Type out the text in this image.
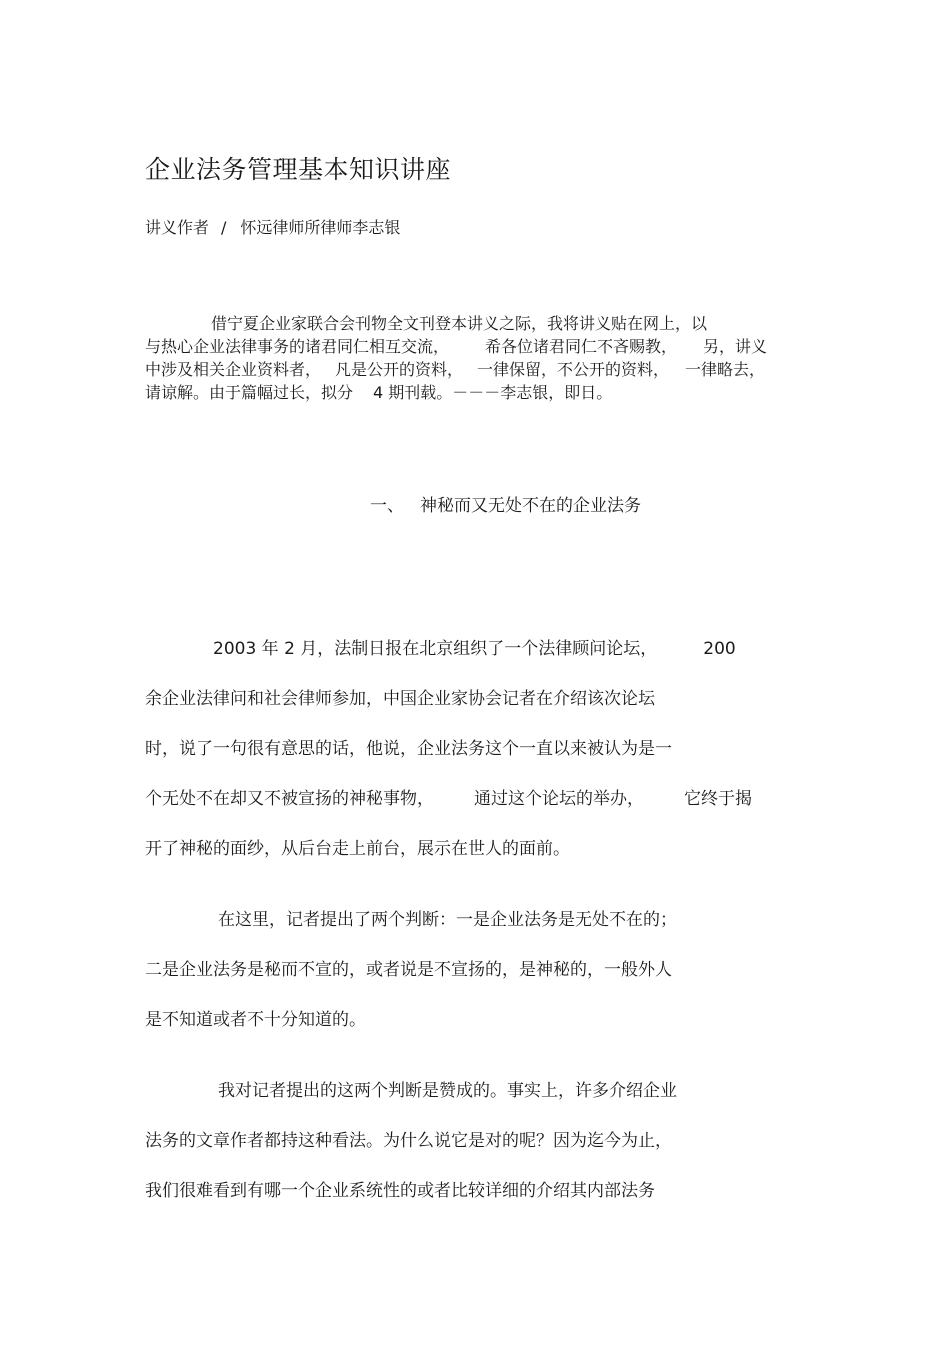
企业法务管理基本知识讲座
讲义作者 / 怀远律师所律师李志银
借宁夏企业家联合会刊物全文刊登本讲义之际，我将讲义贴在网上，以
与热心企业法律事务的诸君同仁相互交流， 希各位诸君同仁不吝赐教， 另，讲义
中涉及相关企业资料者， 凡是公开的资料， 一律保留，不公开的资料， 一律略去，
请谅解。由于篇幅过长，拟分 4 期刊载。－－－李志银，即日。
一、 神秘而又无处不在的企业法务
2003 年 2 月，法制日报在北京组织了一个法律顾问论坛，	200
余企业法律问和社会律师参加，中国企业家协会记者在介绍该次论坛
时，说了一句很有意思的话，他说，企业法务这个一直以来被认为是一
个无处不在却又不被宣扬的神秘事物， 通过这个论坛的举办， 它终于揭
开了神秘的面纱，从后台走上前台，展示在世人的面前。
在这里，记者提出了两个判断：一是企业法务是无处不在的；
二是企业法务是秘而不宣的，或者说是不宣扬的，是神秘的，一般外人
是不知道或者不十分知道的。
我对记者提出的这两个判断是赞成的。事实上，许多介绍企业
法务的文章作者都持这种看法。为什么说它是对的呢？因为迄今为止，
我们很难看到有哪一个企业系统性的或者比较详细的介绍其内部法务
